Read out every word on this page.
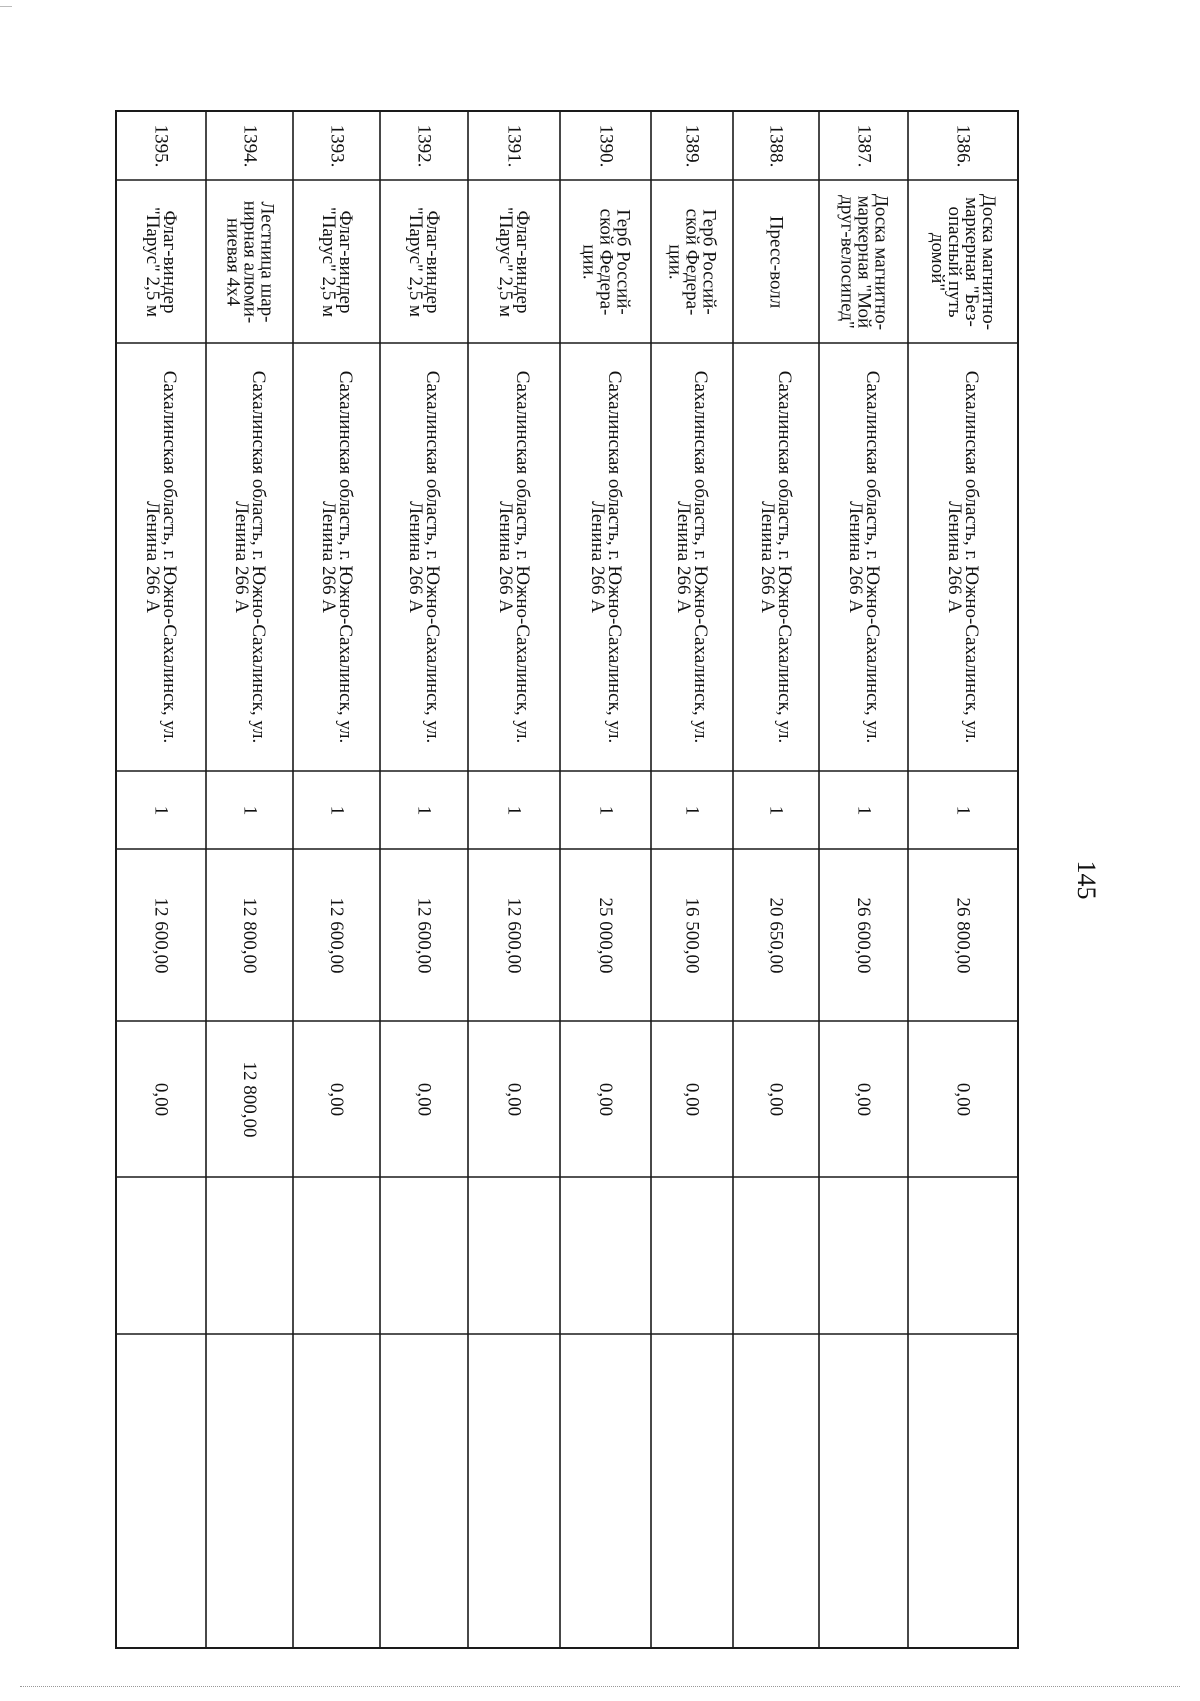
145
1386.
Доска магнитно-
маркерная "Без-
опасный путь
домой"
Сахалинская область, г. Южно-Сахалинск, ул.
Ленина 266 А
1
26 800,00
0,00
1387.
Доска магнитно-
маркерная "Мой
друг-велосипед"
Сахалинская область, г. Южно-Сахалинск, ул.
Ленина 266 А
1
26 600,00
0,00
1388.
Пресс-волл
Сахалинская область, г. Южно-Сахалинск, ул.
Ленина 266 А
1
20 650,00
0,00
1389.
Герб Россий-
ской Федера-
ции.
Сахалинская область, г. Южно-Сахалинск, ул.
Ленина 266 А
1
16 500,00
0,00
1390.
Герб Россий-
ской Федера-
ции.
Сахалинская область, г. Южно-Сахалинск, ул.
Ленина 266 А
1
25 000,00
0,00
1391.
Флаг-виндер
"Парус" 2,5 м
Сахалинская область, г. Южно-Сахалинск, ул.
Ленина 266 А
1
12 600,00
0,00
1392.
Флаг-виндер
"Парус" 2,5 м
Сахалинская область, г. Южно-Сахалинск, ул.
Ленина 266 А
1
12 600,00
0,00
1393.
Флаг-виндер
"Парус" 2,5 м
Сахалинская область, г. Южно-Сахалинск, ул.
Ленина 266 А
1
12 600,00
0,00
1394.
Лестница шар-
нирная алюми-
ниевая 4х4
Сахалинская область, г. Южно-Сахалинск, ул.
Ленина 266 А
1
12 800,00
12 800,00
1395.
Флаг-виндер
"Парус" 2,5 м
Сахалинская область, г. Южно-Сахалинск, ул.
Ленина 266 А
1
12 600,00
0,00
